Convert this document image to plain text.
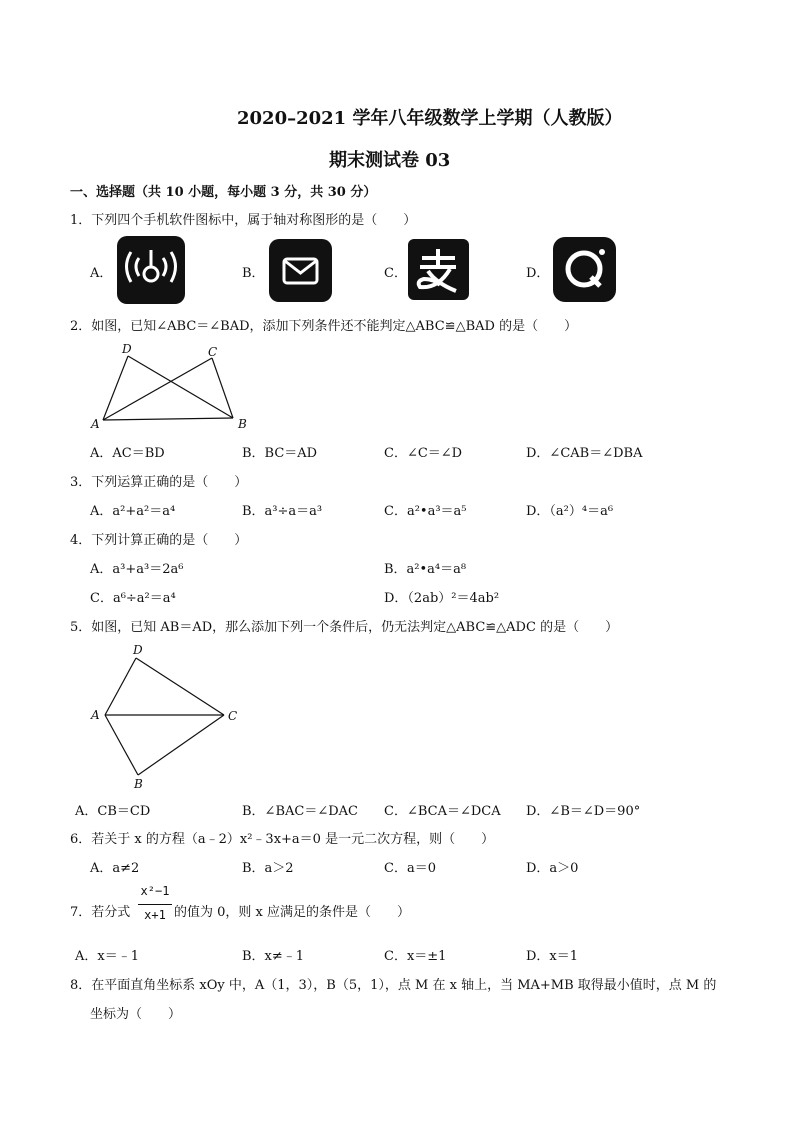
2020–2021 学年八年级数学上学期（人教版）
期末测试卷 03
一、选择题（共 10 小题，每小题 3 分，共 30 分）
1．下列四个手机软件图标中，属于轴对称图形的是（　　）
A．	B．	C．	D．
2．如图，已知∠ABC＝∠BAD，添加下列条件还不能判定△ABC≌△BAD 的是（　　）
D	C
A	B
A．AC＝BD	B．BC＝AD	C．∠C＝∠D	D．∠CAB＝∠DBA
3．下列运算正确的是（　　）
A．a²+a²＝a⁴	B．a³÷a＝a³	C．a²•a³＝a⁵	D．（a²）⁴＝a⁶
4．下列计算正确的是（　　）
A．a³+a³＝2a⁶	B．a²•a⁴＝a⁸
C．a⁶÷a²＝a⁴	D．（2ab）²＝4ab²
5．如图，已知 AB＝AD，那么添加下列一个条件后，仍无法判定△ABC≌△ADC 的是（　　）
D
A	C
B
A．CB＝CD	B．∠BAC＝∠DAC C．∠BCA＝∠DCA D．∠B＝∠D＝90°
6．若关于 x 的方程（a﹣2）x²﹣3x+a＝0 是一元二次方程，则（　　）
A．a≠2	B．a＞2	C．a＝0	D．a＞0
7．若分式
x²−1
x+1 的值为 0，则 x 应满足的条件是（　　）
A．x＝﹣1	B．x≠﹣1	C．x＝±1	D．x＝1
8．在平面直角坐标系 xOy 中，A（1，3），B（5，1），点 M 在 x 轴上，当 MA+MB 取得最小值时，点 M 的
坐标为（　　）
